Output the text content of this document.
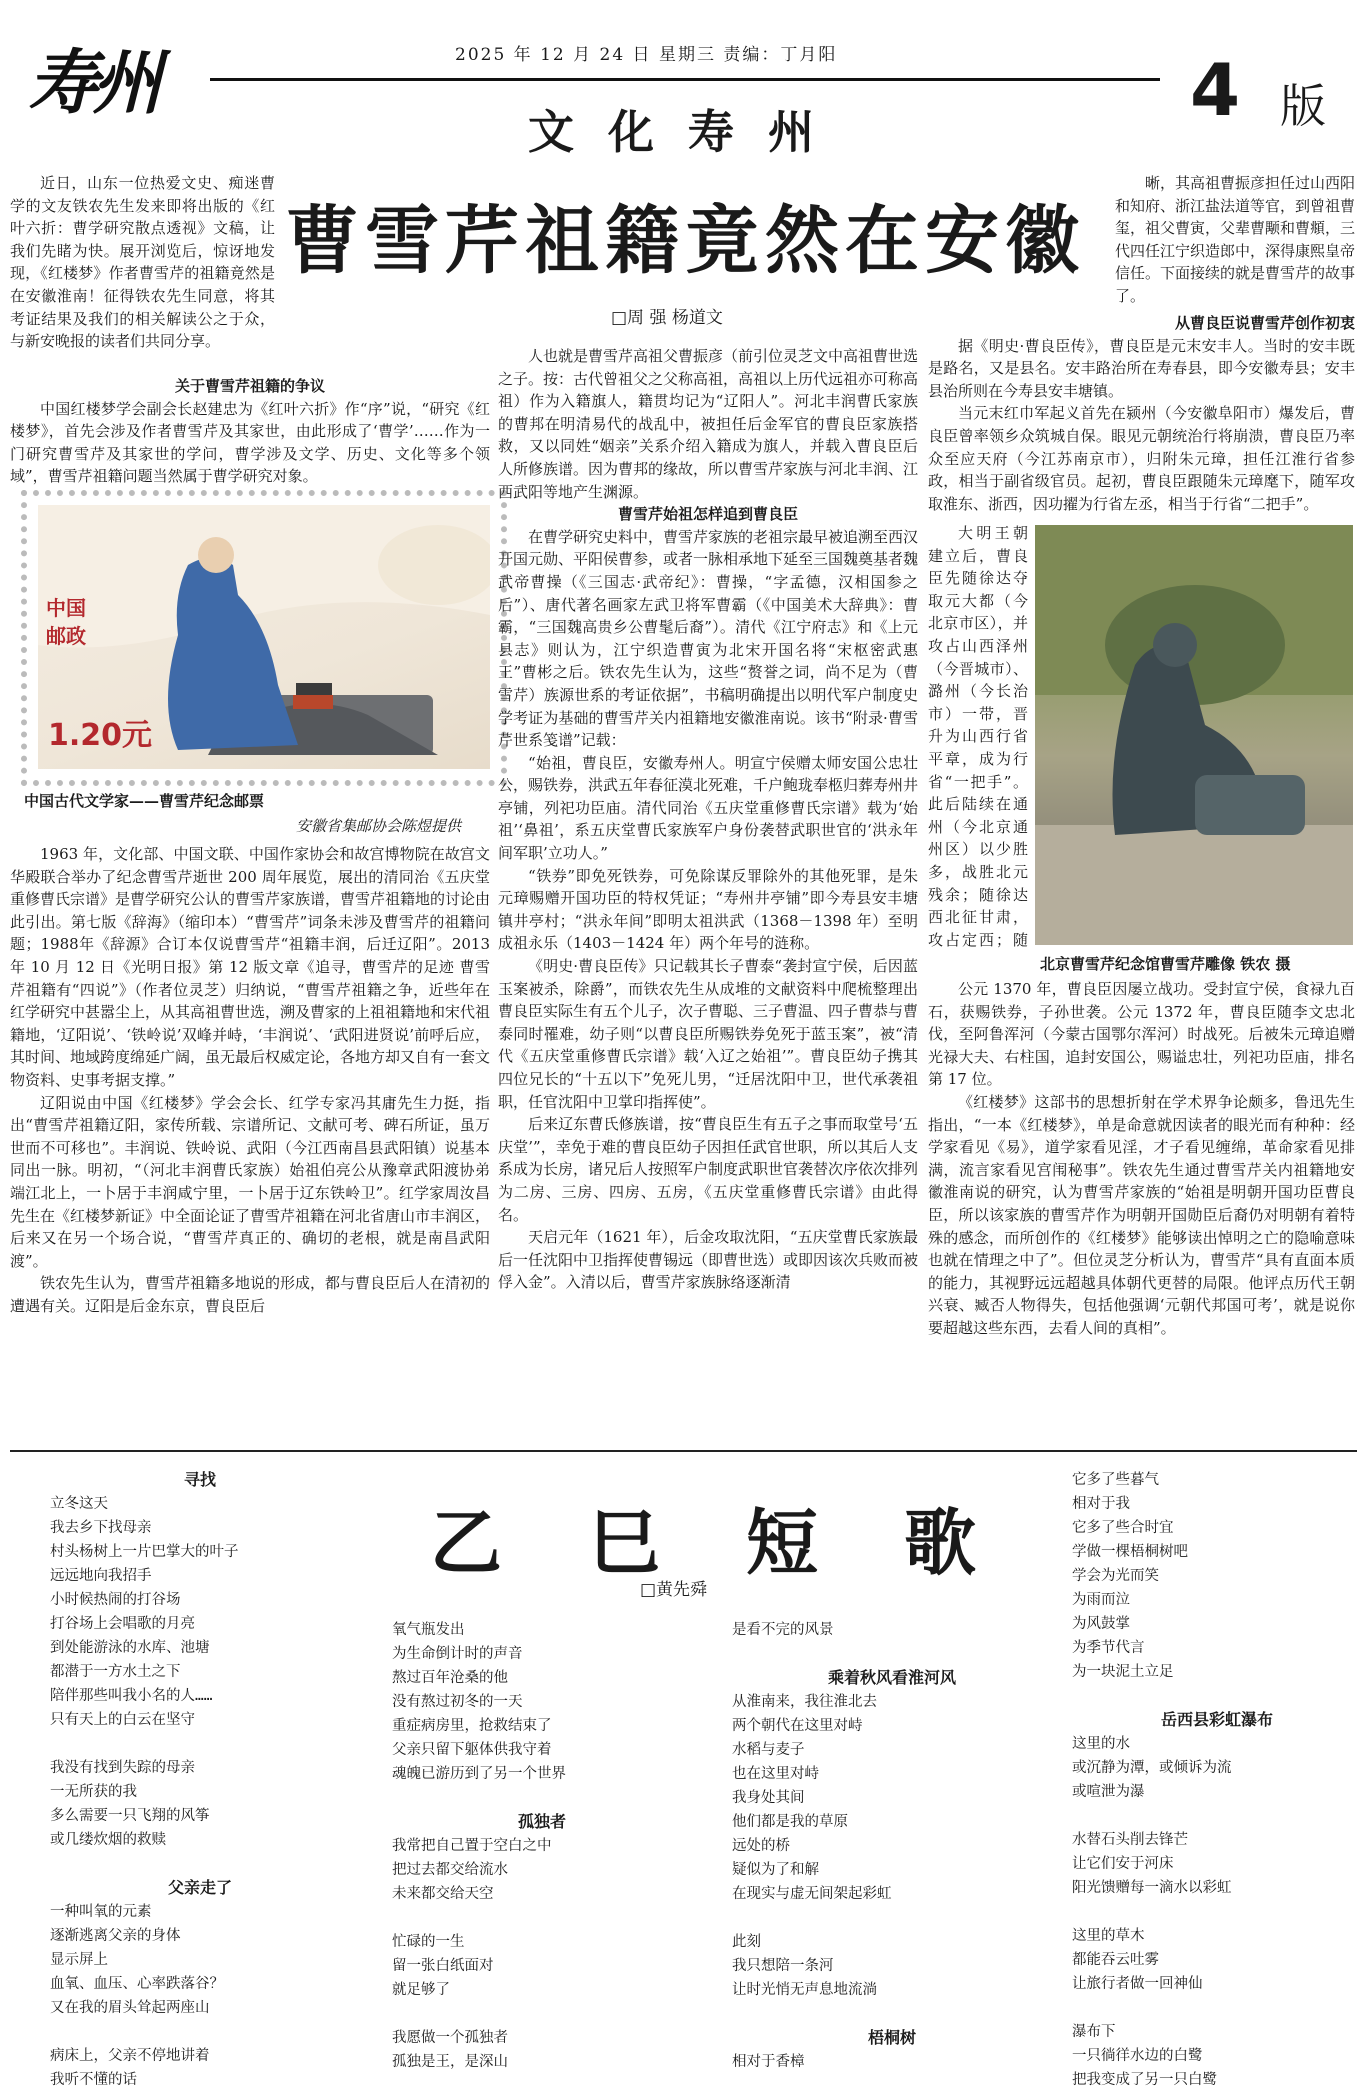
寿州	2025 年 12 月 24 日 星期三 责编：丁月阳
文化寿州	4 版
曹雪芹祖籍竟然在安徽
□周 强 杨道文

近日，山东一位热爱文史、痴迷曹学的文友铁农先生发来即将出版的《红叶六折：曹学研究散点透视》文稿，让我们先睹为快。展开浏览后，惊讶地发现，《红楼梦》作者曹雪芹的祖籍竟然是在安徽淮南！征得铁农先生同意，将其考证结果及我们的相关解读公之于众，与新安晚报的读者们共同分享。

关于曹雪芹祖籍的争议

中国红楼梦学会副会长赵建忠为《红叶六折》作“序”说，“研究《红楼梦》，首先会涉及作者曹雪芹及其家世，由此形成了‘曹学’……作为一门研究曹雪芹及其家世的学问，曹学涉及文学、历史、文化等多个领域”，曹雪芹祖籍问题当然属于曹学研究对象。

中国
邮政
1.20元
中国古代文学家——曹雪芹纪念邮票
安徽省集邮协会陈煜提供

1963 年，文化部、中国文联、中国作家协会和故宫博物院在故宫文华殿联合举办了纪念曹雪芹逝世 200 周年展览，展出的清同治《五庆堂重修曹氏宗谱》是曹学研究公认的曹雪芹家族谱，曹雪芹祖籍地的讨论由此引出。第七版《辞海》（缩印本）“曹雪芹”词条未涉及曹雪芹的祖籍问题；1988年《辞源》合订本仅说曹雪芹“祖籍丰润，后迁辽阳”。2013 年 10 月 12 日《光明日报》第 12 版文章《追寻，曹雪芹的足迹 曹雪芹祖籍有“四说”》（作者位灵芝）归纳说，“曹雪芹祖籍之争，近些年在红学研究中甚嚣尘上，从其高祖曹世选，溯及曹家的上祖祖籍地和宋代祖籍地，‘辽阳说’、‘铁岭说’双峰并峙，‘丰润说’、‘武阳进贤说’前呼后应，其时间、地域跨度绵延广阔，虽无最后权威定论，各地方却又自有一套文物资料、史事考据支撑。”

辽阳说由中国《红楼梦》学会会长、红学专家冯其庸先生力挺，指出“曹雪芹祖籍辽阳，家传所载、宗谱所记、文献可考、碑石所证，虽万世而不可移也”。丰润说、铁岭说、武阳（今江西南昌县武阳镇）说基本同出一脉。明初，“（河北丰润曹氏家族）始祖伯亮公从豫章武阳渡协弟端江北上，一卜居于丰润咸宁里，一卜居于辽东铁岭卫”。红学家周汝昌先生在《红楼梦新证》中全面论证了曹雪芹祖籍在河北省唐山市丰润区，后来又在另一个场合说，“曹雪芹真正的、确切的老根，就是南昌武阳渡”。

铁农先生认为，曹雪芹祖籍多地说的形成，都与曹良臣后人在清初的遭遇有关。辽阳是后金东京，曹良臣后

人也就是曹雪芹高祖父曹振彦（前引位灵芝文中高祖曹世选之子。按：古代曾祖父之父称高祖，高祖以上历代远祖亦可称高祖）作为入籍旗人，籍贯均记为“辽阳人”。河北丰润曹氏家族的曹邦在明清易代的战乱中，被担任后金军官的曹良臣家族搭救，又以同姓“姻亲”关系介绍入籍成为旗人，并载入曹良臣后人所修族谱。因为曹邦的缘故，所以曹雪芹家族与河北丰润、江西武阳等地产生渊源。

曹雪芹始祖怎样追到曹良臣

在曹学研究史料中，曹雪芹家族的老祖宗最早被追溯至西汉开国元勋、平阳侯曹参，或者一脉相承地下延至三国魏奠基者魏武帝曹操（《三国志·武帝纪》：曹操，“字孟德，汉相国参之后”）、唐代著名画家左武卫将军曹霸（《中国美术大辞典》：曹霸，“三国魏高贵乡公曹髦后裔”）。清代《江宁府志》和《上元县志》则认为，江宁织造曹寅为北宋开国名将“宋枢密武惠王”曹彬之后。铁农先生认为，这些“赘誉之词，尚不足为（曹雪芹）族源世系的考证依据”，书稿明确提出以明代军户制度史学考证为基础的曹雪芹关内祖籍地安徽淮南说。该书“附录·曹雪芹世系笺谱”记载：

“始祖，曹良臣，安徽寿州人。明宣宁侯赠太师安国公忠壮公，赐铁券，洪武五年春征漠北死难，千户鲍珑奉柩归葬寿州井亭铺，列祀功臣庙。清代同治《五庆堂重修曹氏宗谱》载为‘始祖’‘鼻祖’，系五庆堂曹氏家族军户身份袭替武职世官的‘洪永年间军职’立功人。”

“铁券”即免死铁券，可免除谋反罪除外的其他死罪，是朱元璋赐赠开国功臣的特权凭证；“寿州井亭铺”即今寿县安丰塘镇井亭村；“洪永年间”即明太祖洪武（1368－1398 年）至明成祖永乐（1403－1424 年）两个年号的涟称。

《明史·曹良臣传》只记载其长子曹泰“袭封宣宁侯，后因蓝玉案被杀，除爵”，而铁农先生从成堆的文献资料中爬梳整理出曹良臣实际生有五个儿子，次子曹聪、三子曹温、四子曹恭与曹泰同时罹难，幼子则“以曹良臣所赐铁券免死于蓝玉案”，被“清代《五庆堂重修曹氏宗谱》载‘入辽之始祖’”。曹良臣幼子携其四位兄长的“十五以下”免死儿男，“迁居沈阳中卫，世代承袭祖职，任官沈阳中卫掌印指挥使”。

后来辽东曹氏修族谱，按“曹良臣生有五子之事而取堂号‘五庆堂’”，幸免于难的曹良臣幼子因担任武官世职，所以其后人支系成为长房，诸兄后人按照军户制度武职世官袭替次序依次排列为二房、三房、四房、五房，《五庆堂重修曹氏宗谱》由此得名。

天启元年（1621 年），后金攻取沈阳，“五庆堂曹氏家族最后一任沈阳中卫指挥使曹锡远（即曹世选）或即因该次兵败而被俘入金”。入清以后，曹雪芹家族脉络逐渐清

晰，其高祖曹振彦担任过山西阳和知府、浙江盐法道等官，到曾祖曹玺，祖父曹寅，父辈曹颙和曹頫，三代四任江宁织造郎中，深得康熙皇帝信任。下面接续的就是曹雪芹的故事了。

从曹良臣说曹雪芹创作初衷

据《明史·曹良臣传》，曹良臣是元末安丰人。当时的安丰既是路名，又是县名。安丰路治所在寿春县，即今安徽寿县；安丰县治所则在今寿县安丰塘镇。

当元末红巾军起义首先在颍州（今安徽阜阳市）爆发后，曹良臣曾率领乡众筑城自保。眼见元朝统治行将崩溃，曹良臣乃率众至应天府（今江苏南京市），归附朱元璋，担任江淮行省参政，相当于副省级官员。起初，曹良臣跟随朱元璋麾下，随军攻取淮东、浙西，因功擢为行省左丞，相当于行省“二把手”。

大明王朝建立后，曹良臣先随徐达夺取元大都（今北京市区），并攻占山西泽州（今晋城市）、潞州（今长治市）一带，晋升为山西行省平章，成为行省“一把手”。此后陆续在通州（今北京通州区）以少胜多，战胜北元残余；随徐达西北征甘肃，攻占定西；随

北京曹雪芹纪念馆曹雪芹雕像 铁农 摄

公元 1370 年，曹良臣因屡立战功。受封宣宁侯，食禄九百石，获赐铁券，子孙世袭。公元 1372 年，曹良臣随李文忠北伐，至阿鲁浑河（今蒙古国鄂尔浑河）时战死。后被朱元璋追赠光禄大夫、右柱国，追封安国公，赐谥忠壮，列祀功臣庙，排名第 17 位。

《红楼梦》这部书的思想折射在学术界争论颇多，鲁迅先生指出，“一本《红楼梦》，单是命意就因读者的眼光而有种种：经学家看见《易》，道学家看见淫，才子看见缠绵，革命家看见排满，流言家看见宫闱秘事”。铁农先生通过曹雪芹关内祖籍地安徽淮南说的研究，认为曹雪芹家族的“始祖是明朝开国功臣曹良臣，所以该家族的曹雪芹作为明朝开国勋臣后裔仍对明朝有着特殊的感念，而所创作的《红楼梦》能够读出悼明之亡的隐喻意味也就在情理之中了”。但位灵芝分析认为，曹雪芹“具有直面本质的能力，其视野远远超越具体朝代更替的局限。他评点历代王朝兴衰、臧否人物得失，包括他强调‘元朝代邦国可考’，就是说你要超越这些东西，去看人间的真相”。

乙巳短歌
□黄先舜
寻找
立冬这天
我去乡下找母亲
村头杨树上一片巴掌大的叶子
远远地向我招手
小时候热闹的打谷场
打谷场上会唱歌的月亮
到处能游泳的水库、池塘
都潜于一方水土之下
陪伴那些叫我小名的人……
只有天上的白云在坚守
我没有找到失踪的母亲
一无所获的我
多么需要一只飞翔的风筝
或几缕炊烟的救赎
父亲走了
一种叫氧的元素
逐渐逃离父亲的身体
显示屏上
血氧、血压、心率跌落谷？
又在我的眉头耸起两座山
病床上，父亲不停地讲着
我听不懂的话
氧气瓶发出
为生命倒计时的声音
熬过百年沧桑的他
没有熬过初冬的一天
重症病房里，抢救结束了
父亲只留下躯体供我守着
魂魄已游历到了另一个世界
孤独者
我常把自己置于空白之中
把过去都交给流水
未来都交给天空
忙碌的一生
留一张白纸面对
就足够了
我愿做一个孤独者
孤独是王，是深山
是看不完的风景
乘着秋风看淮河风
从淮南来，我往淮北去
两个朝代在这里对峙
水稻与麦子
也在这里对峙
我身处其间
他们都是我的草原
远处的桥
疑似为了和解
在现实与虚无间架起彩虹
此刻
我只想陪一条河
让时光悄无声息地流淌
梧桐树
相对于香樟
它多了些暮气
相对于我
它多了些合时宜
学做一棵梧桐树吧
学会为光而笑
为雨而泣
为风鼓掌
为季节代言
为一块泥土立足
岳西县彩虹瀑布
这里的水
或沉静为潭，或倾诉为流
或喧泄为瀑
水替石头削去锋芒
让它们安于河床
阳光馈赠每一滴水以彩虹
这里的草木
都能吞云吐雾
让旅行者做一回神仙
瀑布下
一只徜徉水边的白鹭
把我变成了另一只白鹭
